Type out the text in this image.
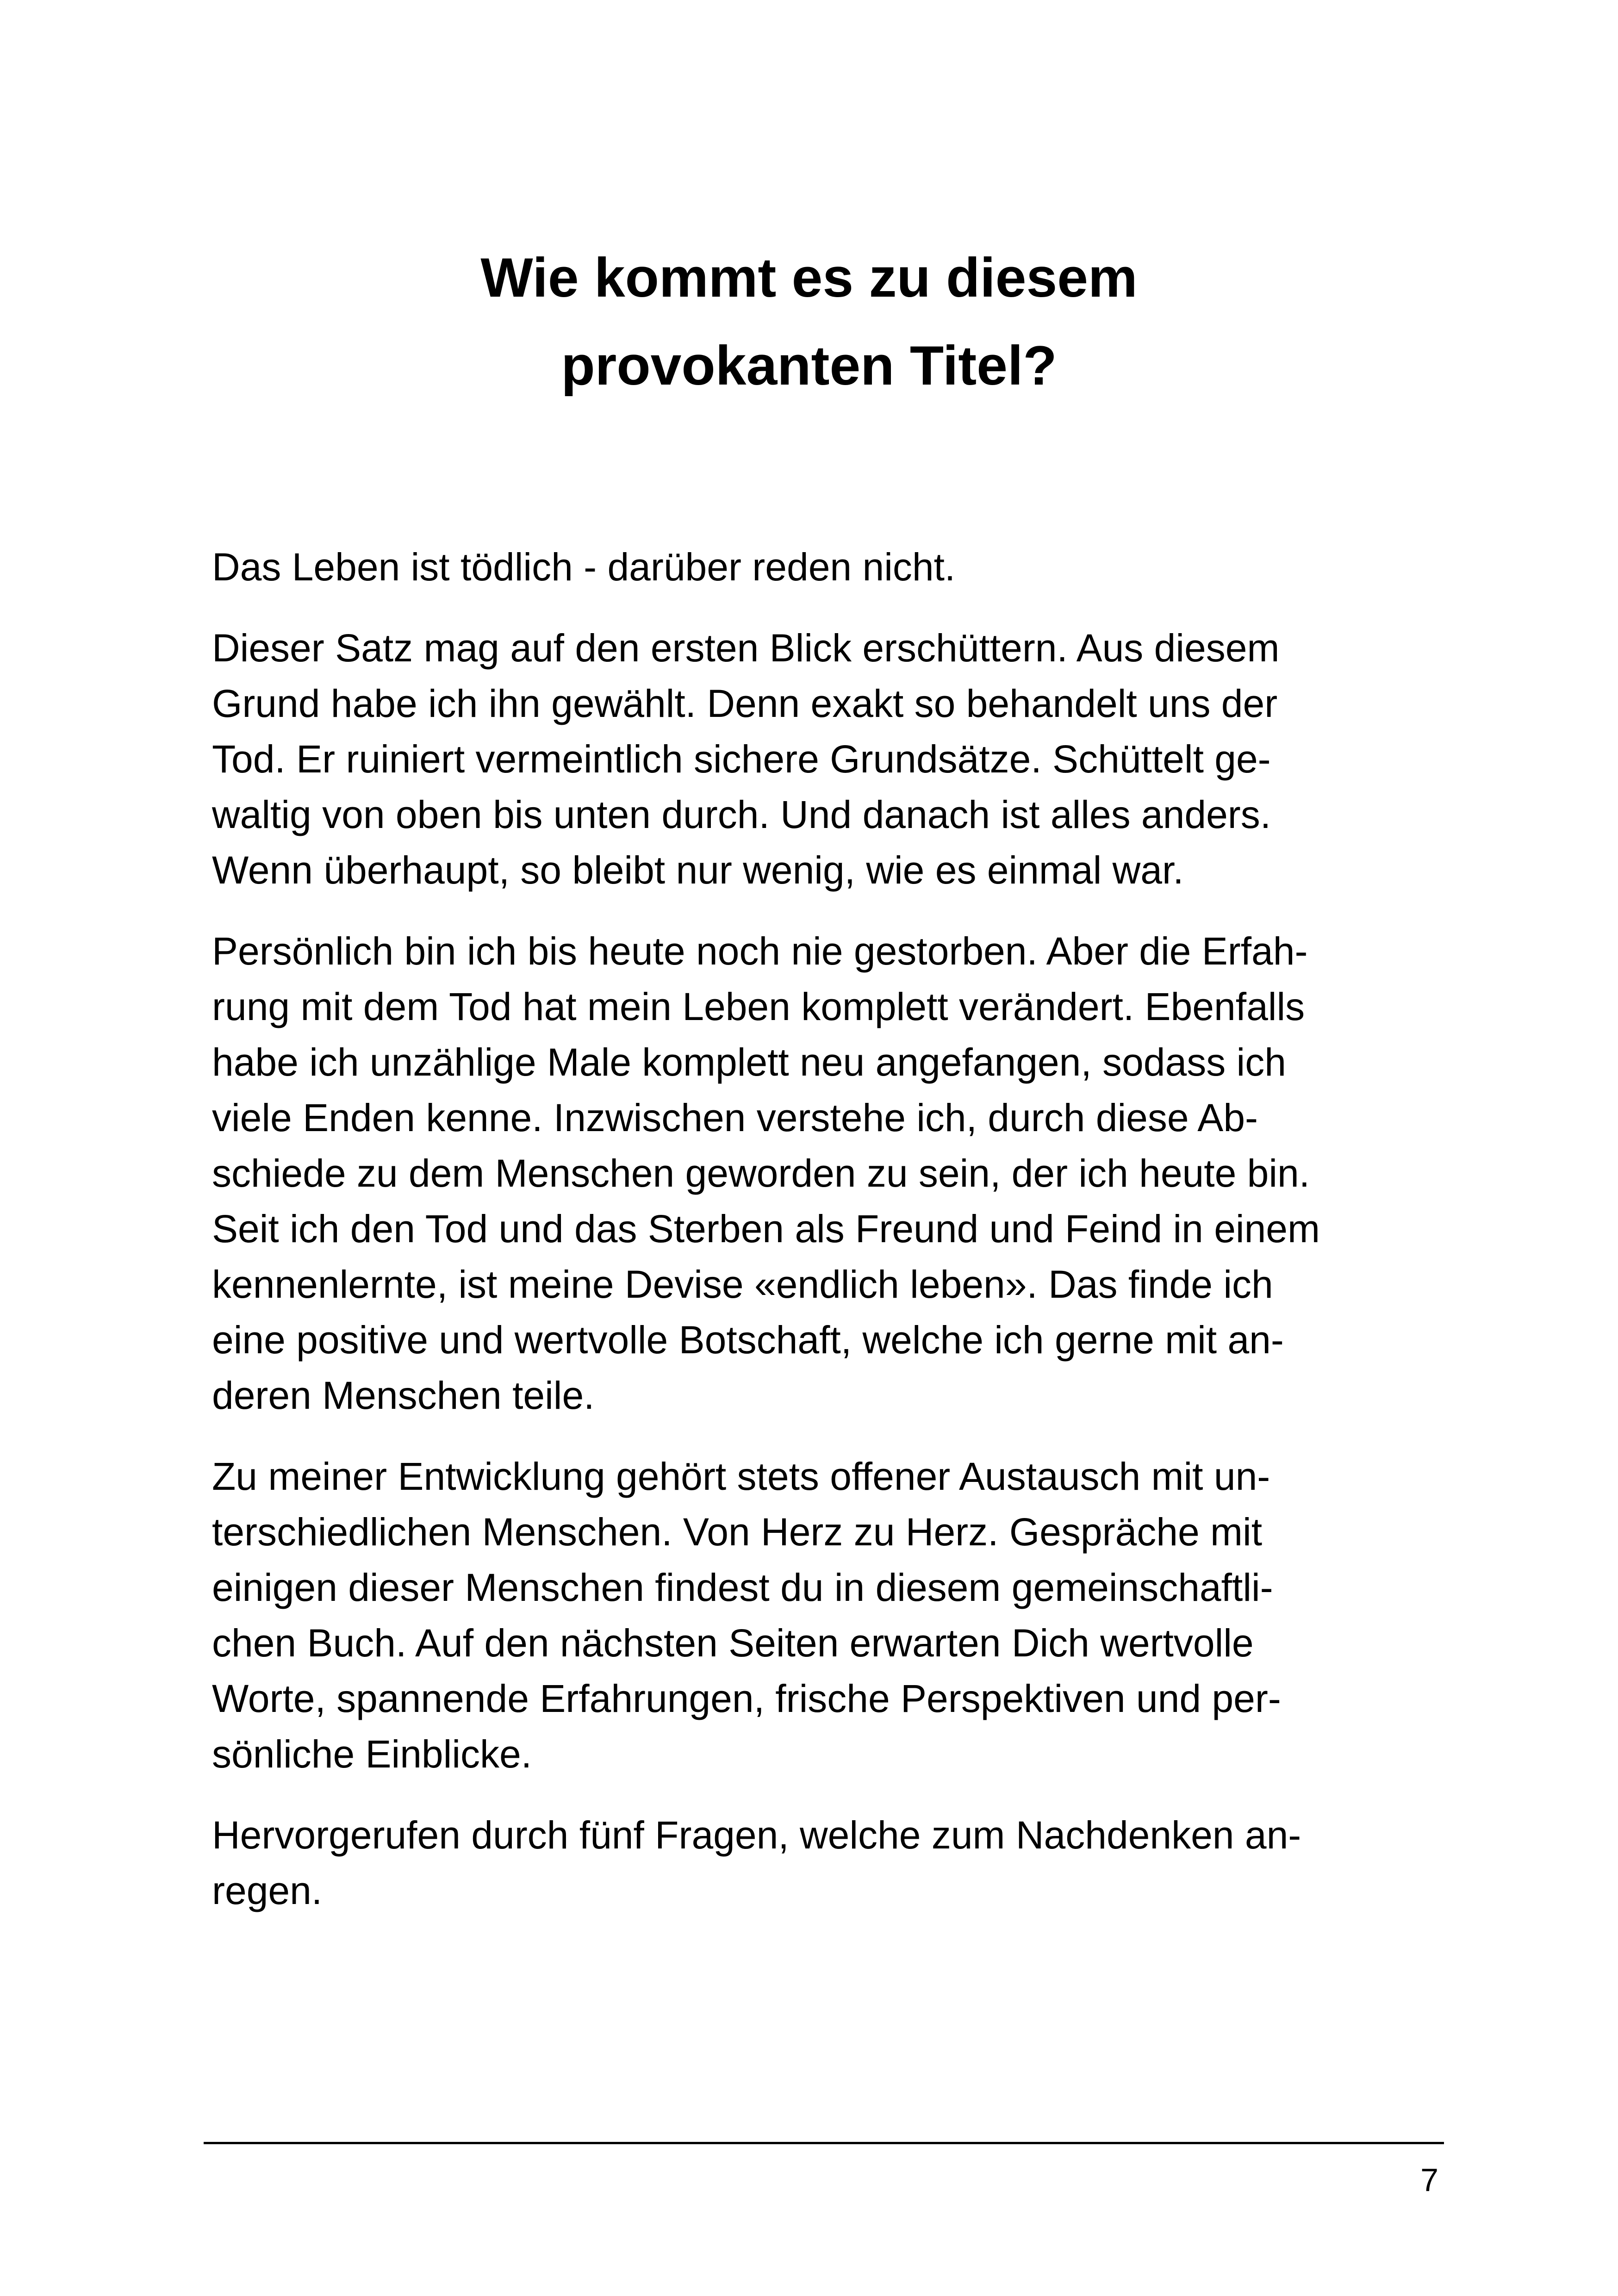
Wie kommt es zu diesem
provokanten Titel?

Das Leben ist tödlich - darüber reden nicht.

Dieser Satz mag auf den ersten Blick erschüttern. Aus diesem
Grund habe ich ihn gewählt. Denn exakt so behandelt uns der
Tod. Er ruiniert vermeintlich sichere Grundsätze. Schüttelt ge-
waltig von oben bis unten durch. Und danach ist alles anders.
Wenn überhaupt, so bleibt nur wenig, wie es einmal war.

Persönlich bin ich bis heute noch nie gestorben. Aber die Erfah-
rung mit dem Tod hat mein Leben komplett verändert. Ebenfalls
habe ich unzählige Male komplett neu angefangen, sodass ich
viele Enden kenne. Inzwischen verstehe ich, durch diese Ab-
schiede zu dem Menschen geworden zu sein, der ich heute bin.
Seit ich den Tod und das Sterben als Freund und Feind in einem
kennenlernte, ist meine Devise «endlich leben». Das finde ich
eine positive und wertvolle Botschaft, welche ich gerne mit an-
deren Menschen teile.

Zu meiner Entwicklung gehört stets offener Austausch mit un-
terschiedlichen Menschen. Von Herz zu Herz. Gespräche mit
einigen dieser Menschen findest du in diesem gemeinschaftli-
chen Buch. Auf den nächsten Seiten erwarten Dich wertvolle
Worte, spannende Erfahrungen, frische Perspektiven und per-
sönliche Einblicke.

Hervorgerufen durch fünf Fragen, welche zum Nachdenken an-
regen.

7
